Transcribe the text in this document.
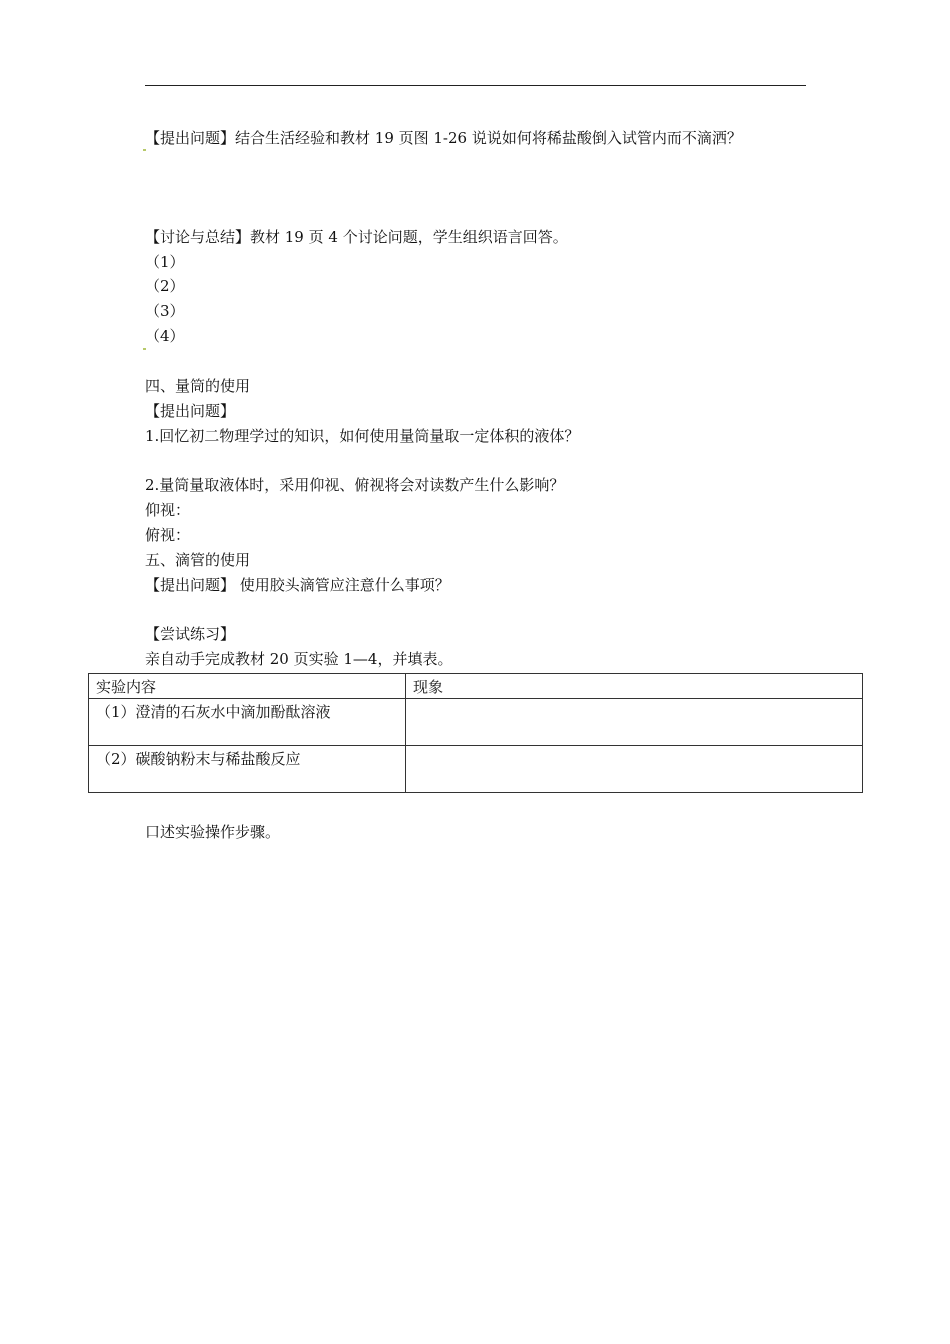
【提出问题】结合生活经验和教材 19 页图 1-26 说说如何将稀盐酸倒入试管内而不滴洒？
【讨论与总结】教材 19 页 4 个讨论问题，学生组织语言回答。
（1）
（2）
（3）
（4）
四、量筒的使用
【提出问题】
1.回忆初二物理学过的知识，如何使用量筒量取一定体积的液体？
2.量筒量取液体时，采用仰视、俯视将会对读数产生什么影响？
仰视：
俯视：
五、滴管的使用
【提出问题】 使用胶头滴管应注意什么事项？
【尝试练习】
亲自动手完成教材 20 页实验 1—4，并填表。
实验内容	现象
（1）澄清的石灰水中滴加酚酞溶液	
（2）碳酸钠粉末与稀盐酸反应	
口述实验操作步骤。
